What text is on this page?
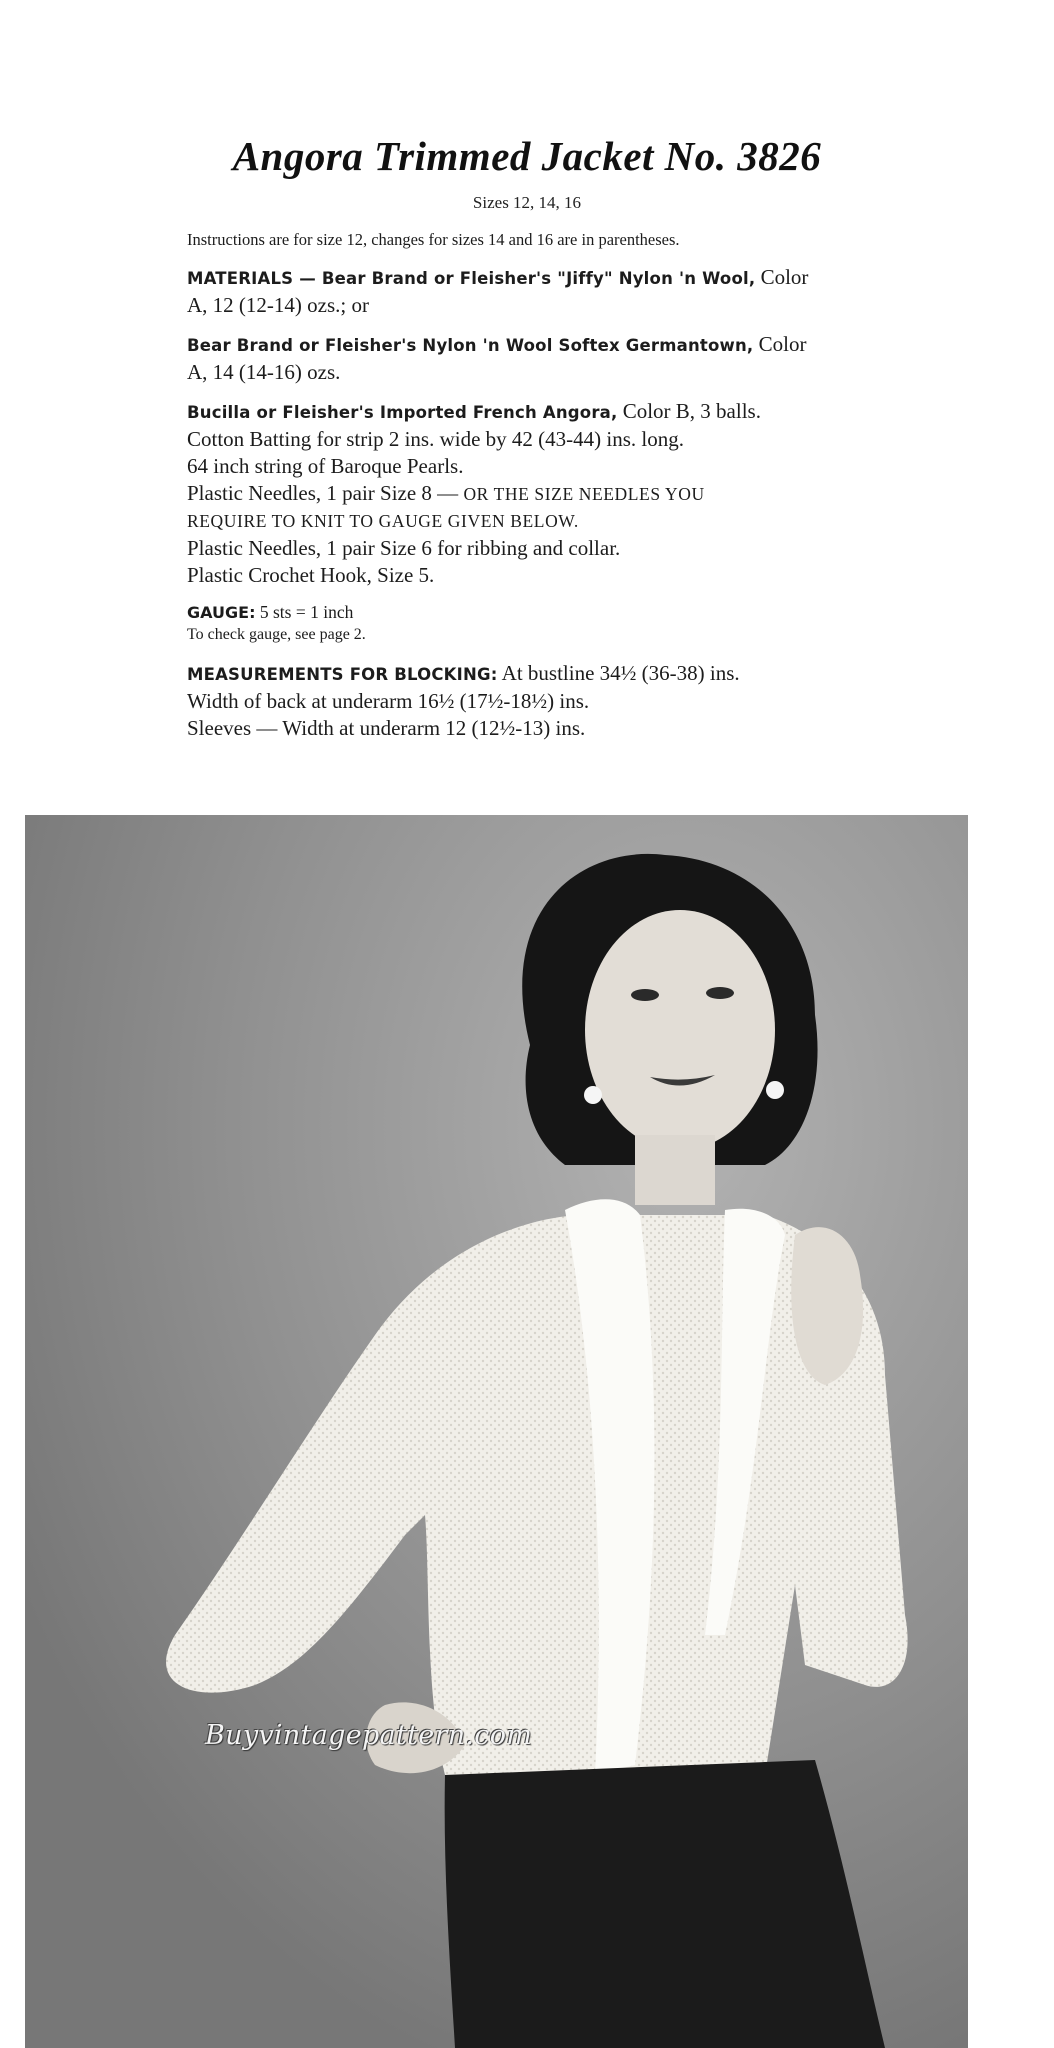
Angora Trimmed Jacket No. 3826
Sizes 12, 14, 16

Instructions are for size 12, changes for sizes 14 and 16 are in parentheses.

MATERIALS — Bear Brand or Fleisher's "Jiffy" Nylon 'n Wool, Color
A, 12 (12-14) ozs.; or

Bear Brand or Fleisher's Nylon 'n Wool Softex Germantown, Color
A, 14 (14-16) ozs.

Bucilla or Fleisher's Imported French Angora, Color B, 3 balls.
Cotton Batting for strip 2 ins. wide by 42 (43-44) ins. long.
64 inch string of Baroque Pearls.
Plastic Needles, 1 pair Size 8 — OR THE SIZE NEEDLES YOU
REQUIRE TO KNIT TO GAUGE GIVEN BELOW.
Plastic Needles, 1 pair Size 6 for ribbing and collar.
Plastic Crochet Hook, Size 5.

GAUGE: 5 sts = 1 inch
To check gauge, see page 2.

MEASUREMENTS FOR BLOCKING: At bustline 34½ (36-38) ins.
Width of back at underarm 16½ (17½-18½) ins.
Sleeves — Width at underarm 12 (12½-13) ins.

Buyvintagepattern.com
